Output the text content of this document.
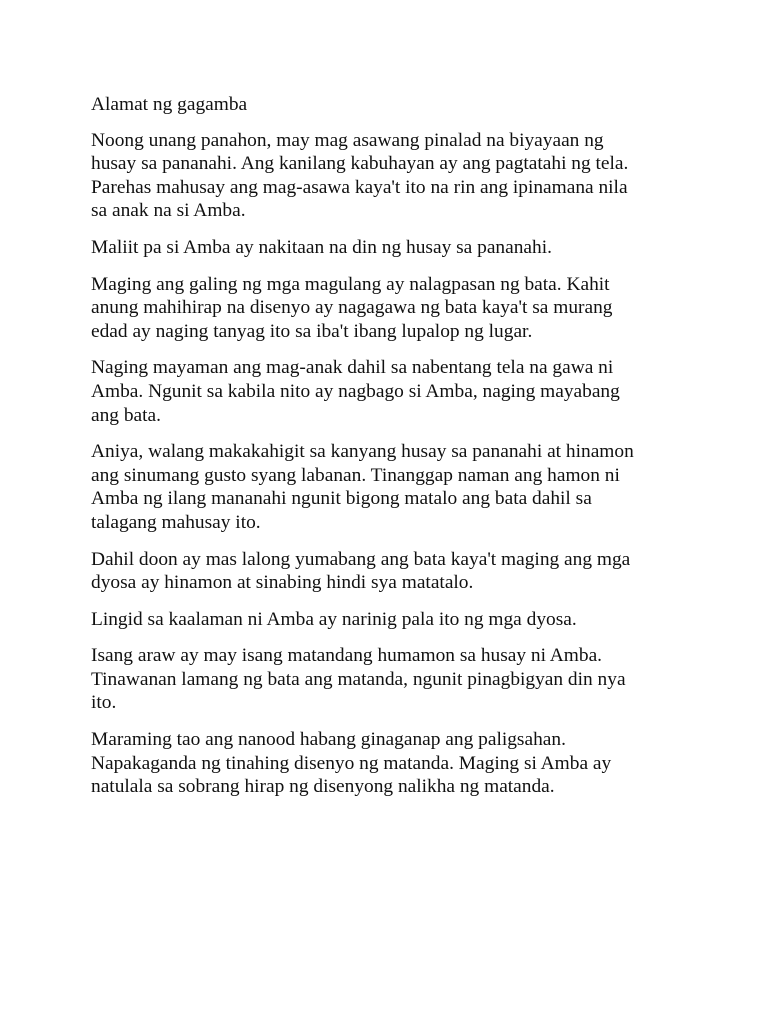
Alamat ng gagamba

Noong unang panahon, may mag asawang pinalad na biyayaan ng
husay sa pananahi. Ang kanilang kabuhayan ay ang pagtatahi ng tela.
Parehas mahusay ang mag-asawa kaya't ito na rin ang ipinamana nila
sa anak na si Amba.

Maliit pa si Amba ay nakitaan na din ng husay sa pananahi.

Maging ang galing ng mga magulang ay nalagpasan ng bata. Kahit
anung mahihirap na disenyo ay nagagawa ng bata kaya't sa murang
edad ay naging tanyag ito sa iba't ibang lupalop ng lugar.

Naging mayaman ang mag-anak dahil sa nabentang tela na gawa ni
Amba. Ngunit sa kabila nito ay nagbago si Amba, naging mayabang
ang bata.

Aniya, walang makakahigit sa kanyang husay sa pananahi at hinamon
ang sinumang gusto syang labanan. Tinanggap naman ang hamon ni
Amba ng ilang mananahi ngunit bigong matalo ang bata dahil sa
talagang mahusay ito.

Dahil doon ay mas lalong yumabang ang bata kaya't maging ang mga
dyosa ay hinamon at sinabing hindi sya matatalo.

Lingid sa kaalaman ni Amba ay narinig pala ito ng mga dyosa.

Isang araw ay may isang matandang humamon sa husay ni Amba.
Tinawanan lamang ng bata ang matanda, ngunit pinagbigyan din nya
ito.

Maraming tao ang nanood habang ginaganap ang paligsahan.
Napakaganda ng tinahing disenyo ng matanda. Maging si Amba ay
natulala sa sobrang hirap ng disenyong nalikha ng matanda.
